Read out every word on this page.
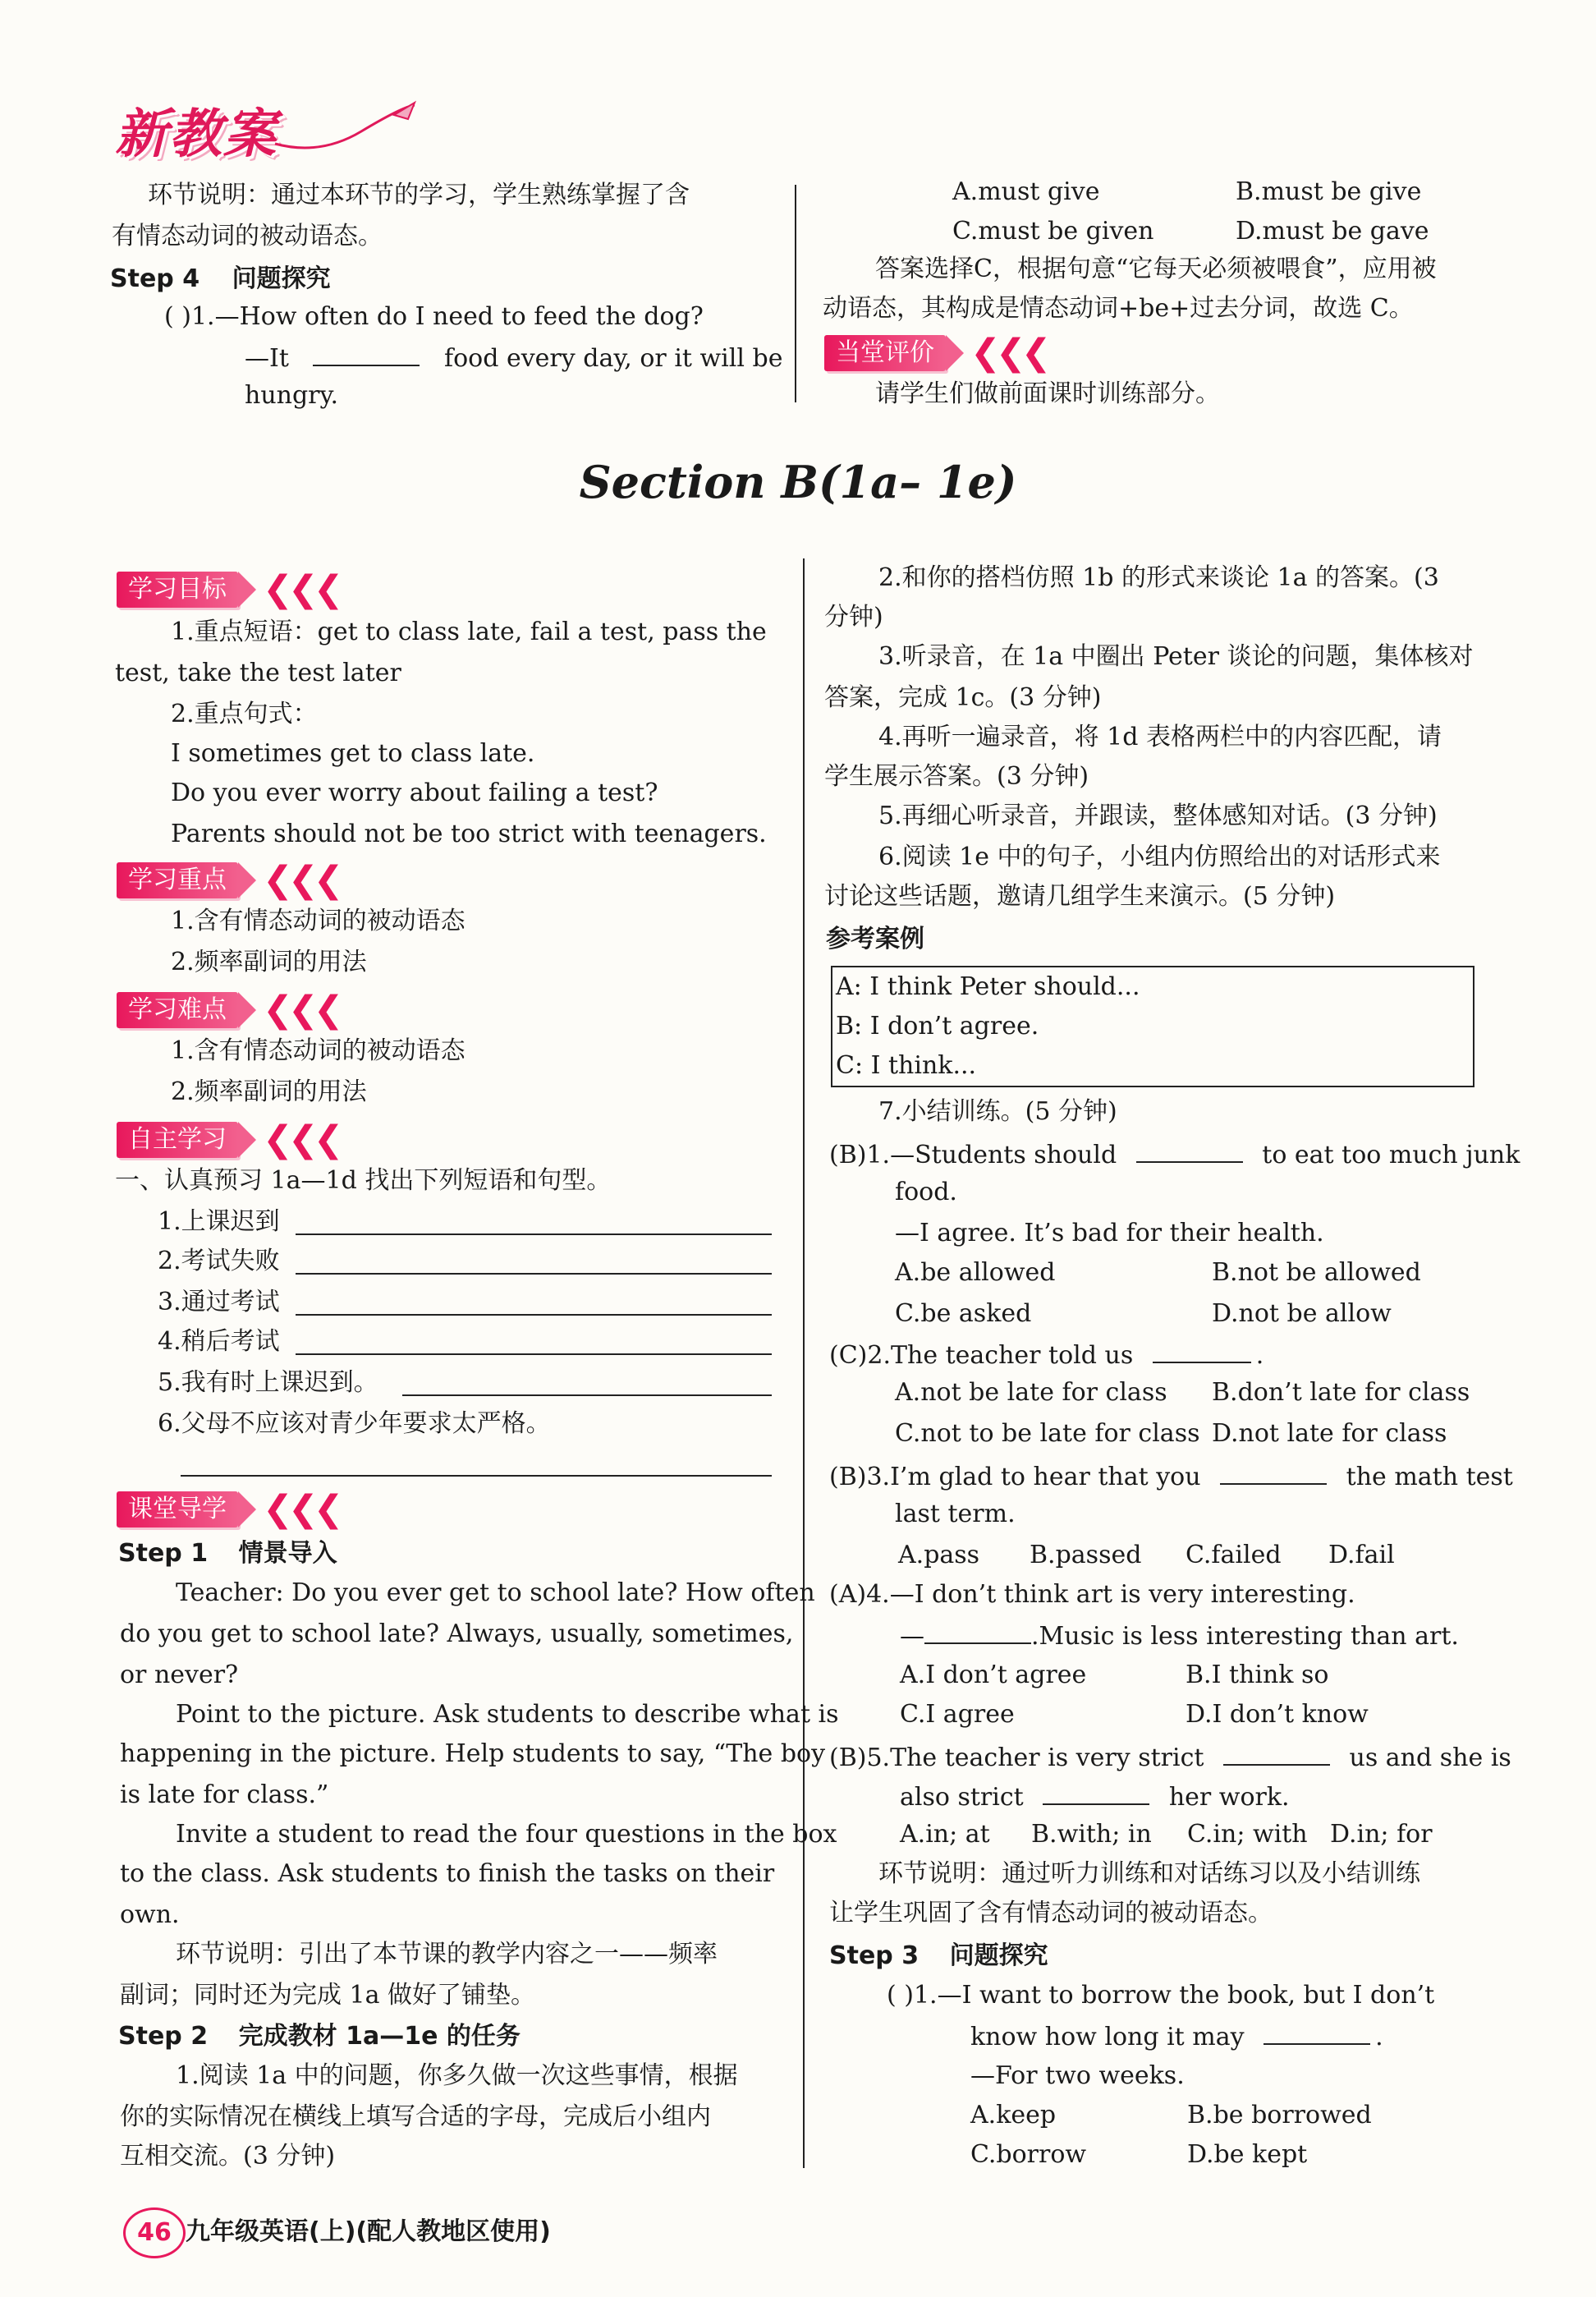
新教案
环节说明：通过本环节的学习，学生熟练掌握了含
有情态动词的被动语态。
Step 4 问题探究
( )1.—How often do I need to feed the dog?
—It	food every day, or it will be
hungry.
A.must give	B.must be give
C.must be given	D.must be gave
答案选择C，根据句意“它每天必须被喂食”，应用被
动语态，其构成是情态动词+be+过去分词，故选 C。
当堂评价	❮❮❮
请学生们做前面课时训练部分。
Section B(1a– 1e)
学习目标	❮❮❮
1.重点短语：get to class late, fail a test, pass the
test, take the test later
2.重点句式：
I sometimes get to class late.
Do you ever worry about failing a test?
Parents should not be too strict with teenagers.
学习重点	❮❮❮
1.含有情态动词的被动语态
2.频率副词的用法
学习难点	❮❮❮
1.含有情态动词的被动语态
2.频率副词的用法
自主学习	❮❮❮
一、认真预习 1a—1d 找出下列短语和句型。
1.上课迟到
2.考试失败
3.通过考试
4.稍后考试
5.我有时上课迟到。
6.父母不应该对青少年要求太严格。
课堂导学	❮❮❮
Step 1 情景导入
Teacher: Do you ever get to school late? How often
do you get to school late? Always, usually, sometimes,
or never?
Point to the picture. Ask students to describe what is
happening in the picture. Help students to say, “The boy
is late for class.”
Invite a student to read the four questions in the box
to the class. Ask students to finish the tasks on their
own.
环节说明：引出了本节课的教学内容之一——频率
副词；同时还为完成 1a 做好了铺垫。
Step 2 完成教材 1a—1e 的任务
1.阅读 1a 中的问题，你多久做一次这些事情，根据
你的实际情况在横线上填写合适的字母，完成后小组内
互相交流。(3 分钟)
2.和你的搭档仿照 1b 的形式来谈论 1a 的答案。(3
分钟)
3.听录音，在 1a 中圈出 Peter 谈论的问题，集体核对
答案，完成 1c。(3 分钟)
4.再听一遍录音，将 1d 表格两栏中的内容匹配，请
学生展示答案。(3 分钟)
5.再细心听录音，并跟读，整体感知对话。(3 分钟)
6.阅读 1e 中的句子，小组内仿照给出的对话形式来
讨论这些话题，邀请几组学生来演示。(5 分钟)
参考案例
A: I think Peter should...
B: I don’t agree.
C: I think...
7.小结训练。(5 分钟)
(B)1.—Students should	to eat too much junk
food.
—I agree. It’s bad for their health.
A.be allowed	B.not be allowed
C.be asked	D.not be allow
(C)2.The teacher told us	.
A.not be late for class B.don’t late for class
C.not to be late for class D.not late for class
(B)3.I’m glad to hear that you	the math test
last term.
A.pass B.passed C.failed D.fail
(A)4.—I don’t think art is very interesting.
—	.Music is less interesting than art.
A.I don’t agree	B.I think so
C.I agree	D.I don’t know
(B)5.The teacher is very strict	us and she is
also strict	her work.
A.in; at B.with; in C.in; with D.in; for
环节说明：通过听力训练和对话练习以及小结训练
让学生巩固了含有情态动词的被动语态。
Step 3 问题探究
( )1.—I want to borrow the book, but I don’t
know how long it may	.
—For two weeks.
A.keep	B.be borrowed
C.borrow	D.be kept
46 九年级英语(上)(配人教地区使用)
